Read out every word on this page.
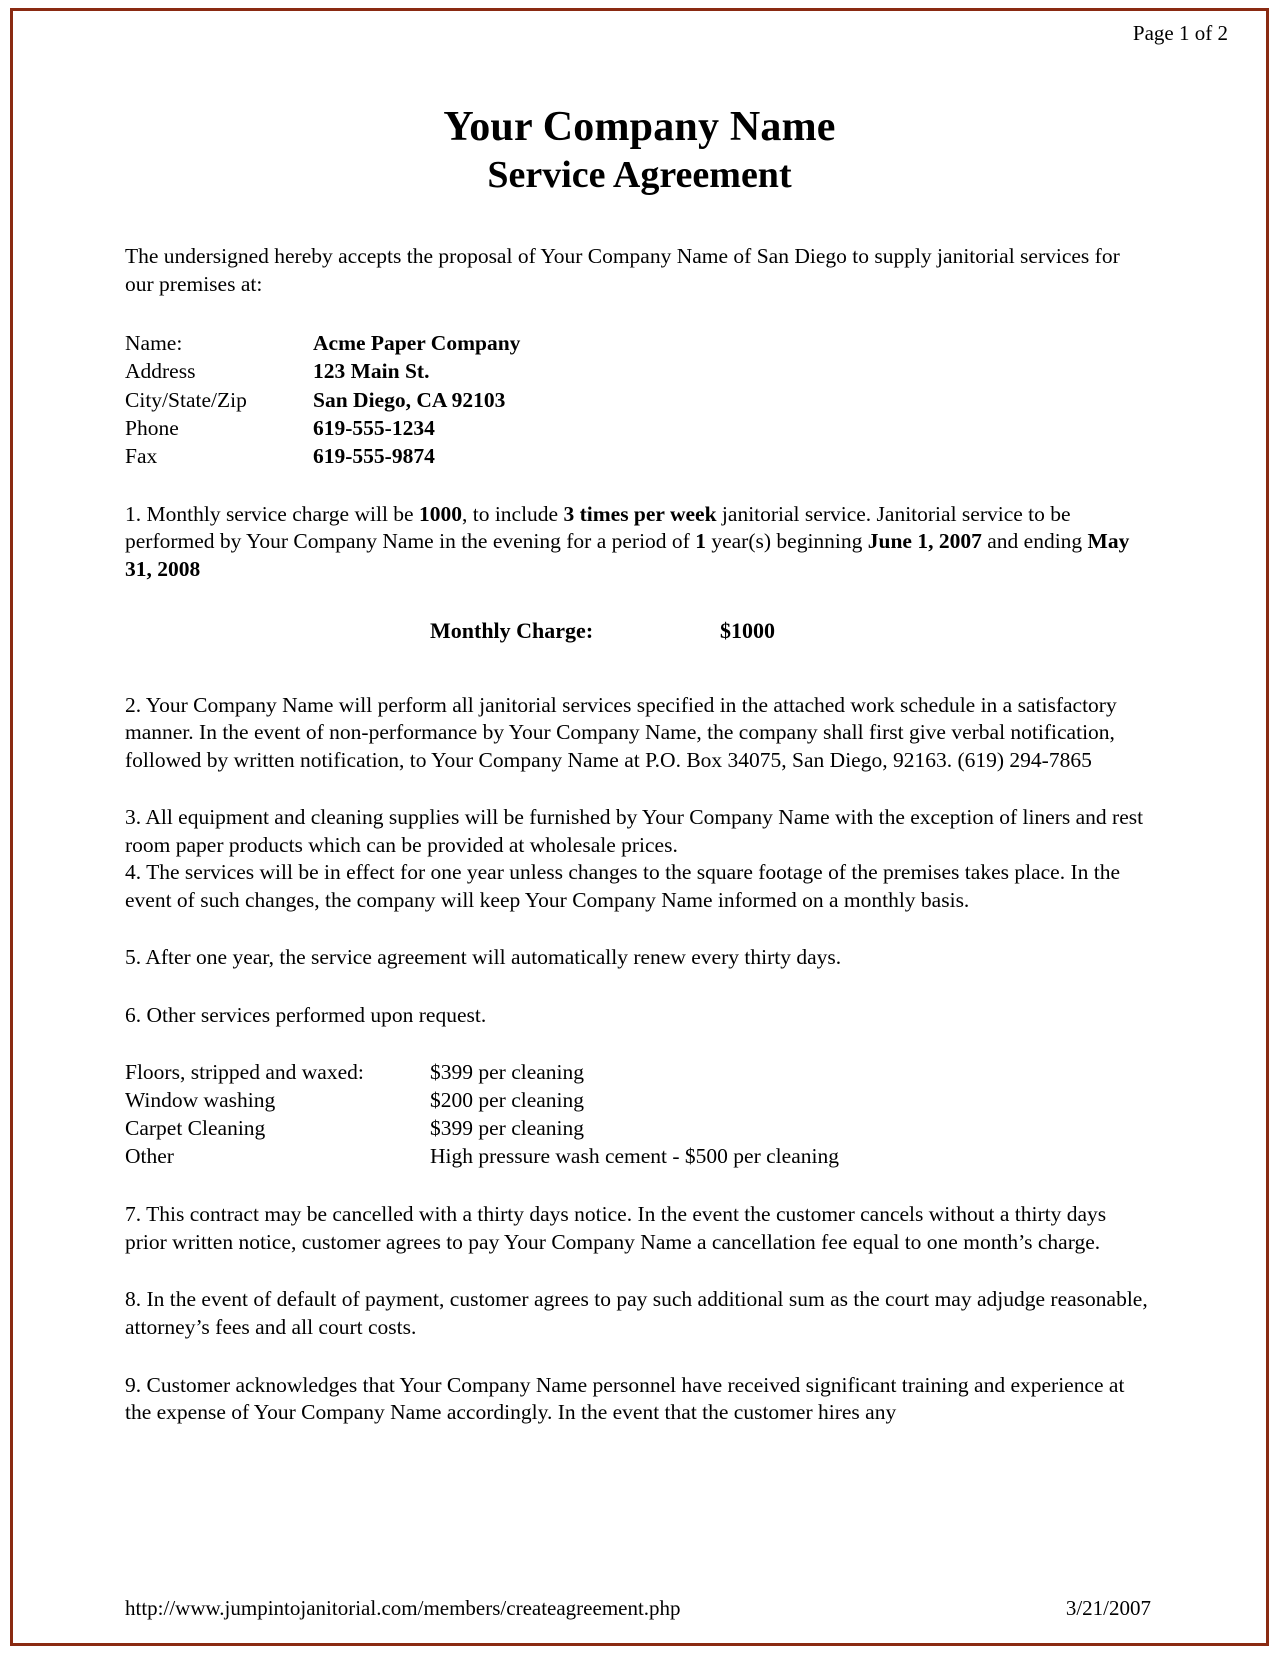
Page 1 of 2
Your Company Name
Service Agreement
The undersigned hereby accepts the proposal of Your Company Name of San Diego to supply janitorial services for our premises at:
Name:	Acme Paper Company
Address	123 Main St.
City/State/Zip	San Diego, CA 92103
Phone	619-555-1234
Fax	619-555-9874
1. Monthly service charge will be 1000, to include 3 times per week janitorial service. Janitorial service to be performed by Your Company Name in the evening for a period of 1 year(s) beginning June 1, 2007 and ending May 31, 2008
Monthly Charge:	$1000
2. Your Company Name will perform all janitorial services specified in the attached work schedule in a satisfactory manner. In the event of non-performance by Your Company Name, the company shall first give verbal notification, followed by written notification, to Your Company Name at P.O. Box 34075, San Diego, 92163. (619) 294-7865
3. All equipment and cleaning supplies will be furnished by Your Company Name with the exception of liners and rest room paper products which can be provided at wholesale prices.
4. The services will be in effect for one year unless changes to the square footage of the premises takes place. In the event of such changes, the company will keep Your Company Name informed on a monthly basis.
5. After one year, the service agreement will automatically renew every thirty days.
6. Other services performed upon request.
Floors, stripped and waxed:	$399 per cleaning
Window washing	$200 per cleaning
Carpet Cleaning	$399 per cleaning
Other	High pressure wash cement - $500 per cleaning
7. This contract may be cancelled with a thirty days notice. In the event the customer cancels without a thirty days prior written notice, customer agrees to pay Your Company Name a cancellation fee equal to one month’s charge.
8. In the event of default of payment, customer agrees to pay such additional sum as the court may adjudge reasonable, attorney’s fees and all court costs.
9. Customer acknowledges that Your Company Name personnel have received significant training and experience at the expense of Your Company Name accordingly. In the event that the customer hires any
http://www.jumpintojanitorial.com/members/createagreement.php	3/21/2007
